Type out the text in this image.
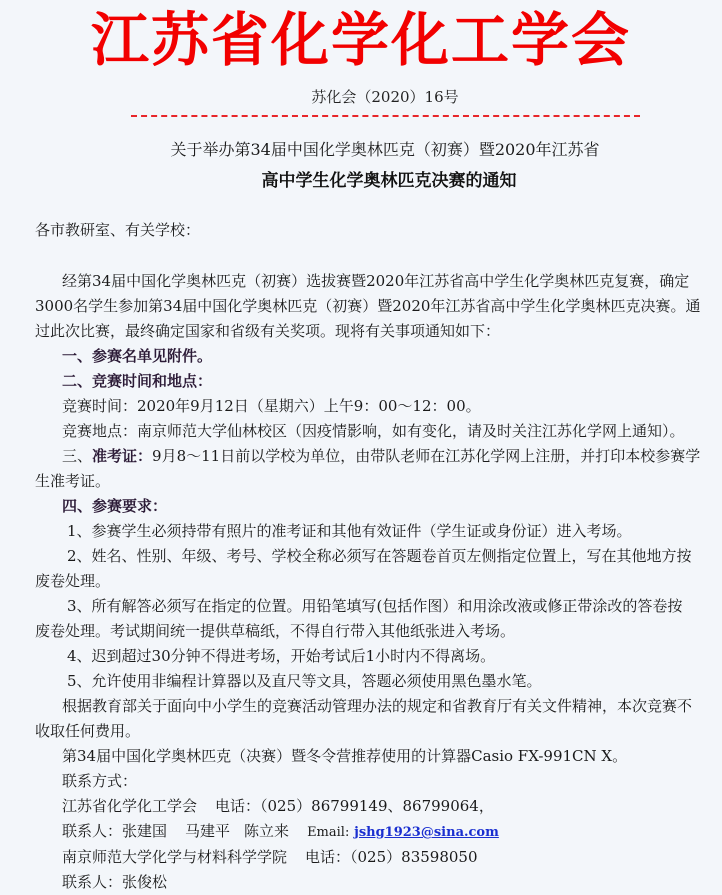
江苏省化学化工学会
苏化会（2020）16号
关于举办第34届中国化学奥林匹克（初赛）暨2020年江苏省
高中学生化学奥林匹克决赛的通知

各市教研室、有关学校：

经第34届中国化学奥林匹克（初赛）选拔赛暨2020年江苏省高中学生化学奥林匹克复赛，确定

3000名学生参加第34届中国化学奥林匹克（初赛）暨2020年江苏省高中学生化学奥林匹克决赛。通

过此次比赛，最终确定国家和省级有关奖项。现将有关事项通知如下：

一、参赛名单见附件。

二、竞赛时间和地点：

竞赛时间：2020年9月12日（星期六）上午9：00～12：00。

竞赛地点：南京师范大学仙林校区（因疫情影响，如有变化，请及时关注江苏化学网上通知）。

三、准考证：9月8～11日前以学校为单位，由带队老师在江苏化学网上注册，并打印本校参赛学

生准考证。

四、参赛要求：

1、参赛学生必须持带有照片的准考证和其他有效证件（学生证或身份证）进入考场。

2、姓名、性别、年级、考号、学校全称必须写在答题卷首页左侧指定位置上，写在其他地方按

废卷处理。

3、所有解答必须写在指定的位置。用铅笔填写(包括作图）和用涂改液或修正带涂改的答卷按

废卷处理。考试期间统一提供草稿纸，不得自行带入其他纸张进入考场。

4、迟到超过30分钟不得进考场，开始考试后1小时内不得离场。

5、允许使用非编程计算器以及直尺等文具，答题必须使用黑色墨水笔。

根据教育部关于面向中小学生的竞赛活动管理办法的规定和省教育厅有关文件精神，本次竞赛不

收取任何费用。

第34届中国化学奥林匹克（决赛）暨冬令营推荐使用的计算器Casio FX-991CN X。

联系方式：

江苏省化学化工学会 电话：（025）86799149、86799064，

联系人：张建国 马建平 陈立来 Email: jshg1923@sina.com

南京师范大学化学与材料科学学院 电话：（025）83598050

联系人：张俊松
